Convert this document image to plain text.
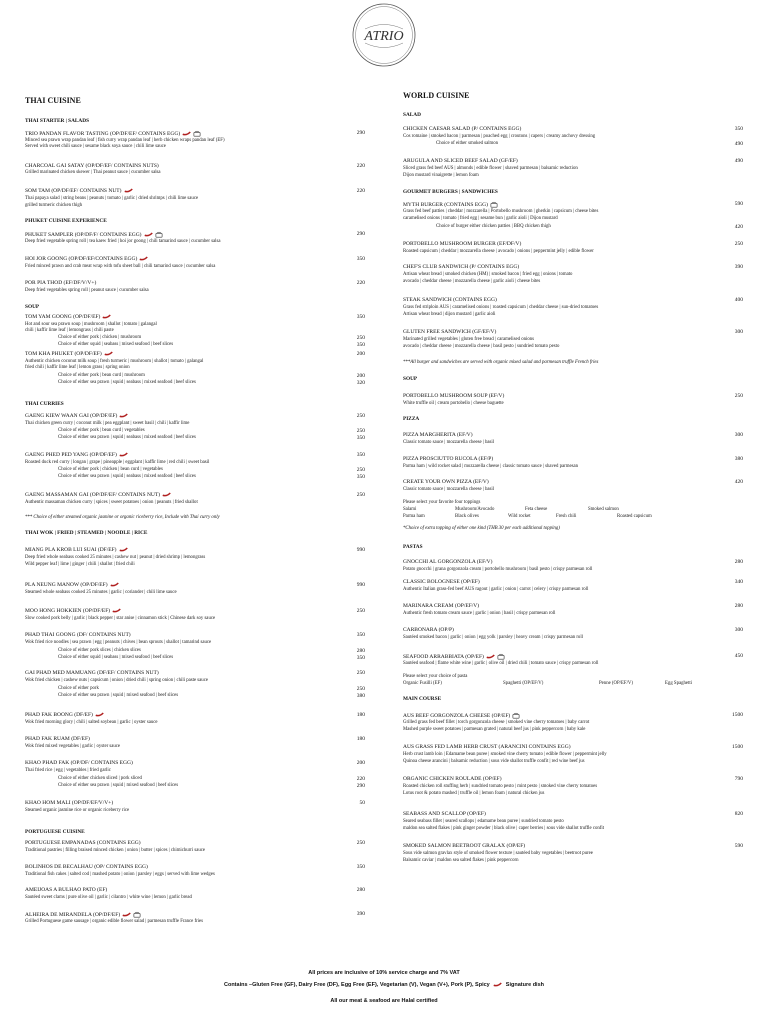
ATRIO
THAI CUISINE
THAI STARTER | SALADS
TRIO PANDAN FLAVOR TASTING (OP/DF/EF/ CONTAINS EGG)	290
Minced sea prawn wrap pandan leaf | fish curry wrap pandan leaf | herb chicken wraps pandan leaf (EF)
Served with sweet chili sauce | sesame black soya sauce | chili lime sauce
CHARCOAL GAI SATAY (OP/DF/EF/ CONTAINS NUTS)	220
Grilled marinated chicken skewer | Thai peanut sauce | cucumber salsa
SOM TAM (OP/DF/EF/ CONTAINS NUT)	220
Thai papaya salad | string beans | peanuts | tomato | garlic | dried shrimps | chili lime sauce
grilled turmeric chicken thigh
PHUKET CUISINE EXPERIENCE
PHUKET SAMPLER (OP/DF/F/ CONTAINS EGG)	290
Deep fried vegetable spring roll | tea kaew fried | hoi jor goong | chili tamarind sauce | cucumber salsa
HOI JOR GOONG (OP/DF/EF/CONTAINS EGG)	350
Fried minced prawn and crab meat wrap with tofu sheet ball | chili tamarind sauce | cucumber salsa
POR PIA THOD (EF/DF/V/V+)	220
Deep fried vegetables spring roll | peanut sauce | cucumber salsa
SOUP
TOM YAM GOONG (OP/DF/EF)	350
Hot and sour sea prawn soup | mushroom | shallot | tomato | galangal
chili | kaffir lime leaf | lemongrass | chili paste
Choice of either pork | chicken | mushroom	250
Choice of either squid | seabass | mixed seafood | beef slices	350
TOM KHA PHUKET (OP/DF/EF)	200
Authentic chicken coconut milk soup | fresh turmeric | mushroom | shallot | tomato | galangal
fried chili | kaffir lime leaf | lemon grass | spring onion
Choice of either pork | bean curd | mushroom	200
Choice of either sea prawn | squid | seabass | mixed seafood | beef slices	320
THAI CURRIES
GAENG KIEW WAAN GAI (OP/DF/EF)	250
Thai chicken green curry | coconut milk | pea eggplant | sweet basil | chili | kaffir lime
Choice of either pork | bean curd | vegetables	250
Choice of either sea prawn | squid | seabass | mixed seafood | beef slices	350
GAENG PHED PED YANG (OP/DF/EF)	350
Roasted duck red curry | longan | grape | pineapple | eggplant | kaffir lime | red chili | sweet basil
Choice of either pork | chicken | bean curd | vegetables	250
Choice of either sea prawn | squid | seabass | mixed seafood | beef slices	350
GAENG MASSAMAN GAI (OP/DF/EF/ CONTAINS NUT)	250
Authentic massaman chicken curry | spices | sweet potatoes | onion | peanuts | fried shallot
*** Choice of either steamed organic jasmine or organic riceberry rice, Include with Thai curry only
THAI WOK | FRIED | STEAMED | NOODLE | RICE
MIANG PLA KROB LUI SUAI (DF/EF)	990
Deep fried whole seabass cooked 25 minutes | cashew nut | peanut | dried shrimp | lemongrass
Wild pepper leaf | lime | ginger | chili | shallot | fried chili
PLA NEUNG MANOW (OP/DF/EF)	990
Steamed whole seabass cooked 25 minutes | garlic | coriander | chili lime sauce
MOO HONG HOKKIEN (OP/DF/EF)	250
Slow cooked pork belly | garlic | black pepper | star anise | cinnamon stick | Chinese dark soy sauce
PHAD THAI GOONG (DF/ CONTAINS NUT)	350
Wok fried rice noodles | sea prawn | egg | peanuts | chives | bean sprouts | shallot | tamarind sauce
Choice of either pork slices | chicken slices	280
Choice of either squid | seabass | mixed seafood | beef slices	350
GAI PHAD MED MAMUANG (DF/EF/ CONTAINS NUT)	250
Wok fried chicken | cashew nuts | capsicum | onion | dried chili | spring onion | chili paste sauce
Choice of either pork	250
Choice of either sea prawn | squid | mixed seafood | beef slices	380
PHAD FAK BOONG (DF/EF)	180
Wok fried morning glory | chili | salted soybean | garlic | oyster sauce
PHAD FAK RUAM (DF/EF)	180
Wok fried mixed vegetables | garlic | oyster sauce
KHAO PHAD FAK (OP/DF/ CONTAINS EGG)	200
Thai fried rice | egg | vegetables | fried garlic
Choice of either chicken sliced | pork sliced	220
Choice of either sea prawn | squid | mixed seafood | beef slices	290
KHAO HOM MALI (OP/DF/EF/V/V+)	50
Steamed organic jasmine rice or organic riceberry rice
PORTUGUESE CUISINE
PORTUGUESE EMPANADAS (CONTAINS EGG)	250
Traditional pastries | filling braised minced chicken | onion | butter | spices | chimichurri sauce
BOLINHOS DE BECALHAU (OP/ CONTAINS EGG)	350
Traditional fish cakes | salted cod | mashed potato | onion | parsley | eggs | served with lime wedges
AMEIJOAS A BULHAO PATO (EF)	280
Sautéed sweet clams | pure olive oil | garlic | cilantro | white wine | lemon | garlic bread
ALHEIRA DE MIRANDELA (OP/DF/EF)	390
Grilled Portuguese game sausage | organic edible flower salad | parmesan truffle France fries
WORLD CUISINE
SALAD
CHICKEN CAESAR SALAD (P/ CONTAINS EGG)	350
Cos romaine | smoked bacon | parmesan | poached egg | croutons | capers | creamy anchovy dressing
Choice of either smoked salmon	490
ARUGULA AND SLICED BEEF SALAD (GF/EF)	490
Sliced grass fed beef AUS | almonds | edible flower | shaved parmesan | balsamic reduction
Dijon mustard vinaigrette | lemon foam
GOURMET BURGERS | SANDWICHES
MYTH BURGER (CONTAINS EGG)	590
Grass fed beef patties | cheddar | mozzarella | Portobello mushroom | gherkin | capsicum | cheese bites
caramelised onions | tomato | fried egg | sesame bun | garlic aioli | Dijon mustard
Choice of burger either chicken patties | BBQ chicken thigh	420
PORTOBELLO MUSHROOM BURGER (EF/DF/V)	250
Roasted capsicum | cheddar | mozzarella cheese | avocado | onions | peppermint jelly | edible flower
CHEF'S CLUB SANDWICH (P/ CONTAINS EGG)	390
Artisan wheat bread | smoked chicken (HM) | smoked bacon | fried egg | onions | tomato
avocado | cheddar cheese | mozzarella cheese | garlic aioli | cheese bites
STEAK SANDWICH (CONTAINS EGG)	400
Grass fed striploin AUS | caramelised onions | roasted capsicum | cheddar cheese | sun-dried tomatoes
Artisan wheat bread | dijon mustard | garlic aioli
GLUTEN FREE SANDWICH (GF/EF/V)	300
Marinated grilled vegetables | gluten free bread | caramelised onions
avocado | cheddar cheese | mozzarella cheese | basil pesto | sundried tomato pesto
***All burger and sandwiches are served with organic mixed salad and parmesan truffle French fries
SOUP
PORTOBELLO MUSHROOM SOUP (EF/V)	250
White truffle oil | cream portobello | cheese baguette
PIZZA
PIZZA MARGHERITA (EF/V)	300
Classic tomato sauce | mozzarella cheese | basil
PIZZA PROSCIUTTO RUCOLA (EF/P)	380
Parma ham | wild rocket salad | mozzarella cheese | classic tomato sauce | shaved parmesan
CREATE YOUR OWN PIZZA (EF/V)	420
Classic tomato sauce | mozzarella cheese | basil
Please select your favorite four toppings
Salami	Mushroom/Avocado	Feta cheese	Smoked salmon
Parma ham	Black olives	Wild rocket	Fresh chili	Roasted capsicum
*Choice of extra topping of either one kind (THB 30 per each additional topping)
PASTAS
GNOCCHI AL GORGONZOLA (EF/V)	280
Potato gnocchi | grana gorgonzola cream | portobello mushroom | basil pesto | crispy parmesan roll
CLASSIC BOLOGNESE (OP/EF)	340
Authentic Italian grass-fed beef AUS ragout | garlic | onion | carrot | celery | crispy parmesan roll
MARINARA CREAM (OP/EF/V)	280
Authentic fresh tomato cream sauce | garlic | onion | basil | crispy parmesan roll
CARBONARA (OP/P)	300
Sautéed smoked bacon | garlic | onion | egg yolk | parsley | heavy cream | crispy parmesan roll
SEAFOOD ARRABBIATA (OP/EF)	450
Sautéed seafood | flame white wine | garlic | olive oil | dried chili | tomato sauce | crispy parmesan roll
Please select your choice of pasta
Organic Fusilli (EF)	Spaghetti (OP/EF/V)	Penne (OP/EF/V)	Egg Spaghetti
MAIN COURSE
AUS BEEF GORGONZOLA CHEESE (OP/EF)	1500
Grilled grass fed beef fillet | torch gorgonzola cheese | smoked vine cherry tomatoes | baby carrot
Mashed purple sweet potatoes | parmesan grated | natural beef jus | pink peppercorn | baby kale
AUS GRASS FED LAMB HERB CRUST (ARANCINI CONTAINS EGG)	1500
Herb crust lamb loin | Edamame bean puree | smoked vine cherry tomato | edible flower | peppermint jelly
Quinoa cheese arancini | balsamic reduction | sous vide shallot truffle confit | red wine beef jus
ORGANIC CHICKEN ROULADE (OP/EF)	790
Roasted chicken roll stuffing herb | sundried tomato pesto | mint pesto | smoked vine cherry tomatoes
Lotus root & potato mashed | truffle oil | lemon foam | natural chicken jus
SEABASS AND SCALLOP (OP/EF)	820
Seared seabass fillet | seared scallops | edamame bean puree | sundried tomato pesto
maldon sea salted flakes | pink ginger powder | black olive | caper berries | sous vide shallot truffle confit
SMOKED SALMON BEETROOT GRALAX (OP/EF)	590
Sous vide salmon gravlax style of smoked flower texture | sautéed baby vegetables | beetroot puree
Balsamic caviar | maldon sea salted flakes | pink peppercorn
All prices are inclusive of 10% service charge and 7% VAT
Contains –Gluten Free (GF), Dairy Free (DF), Egg Free (EF), Vegetarian (V), Vegan (V+), Pork (P), Spicy	Signature dish
All our meat & seafood are Halal certified
